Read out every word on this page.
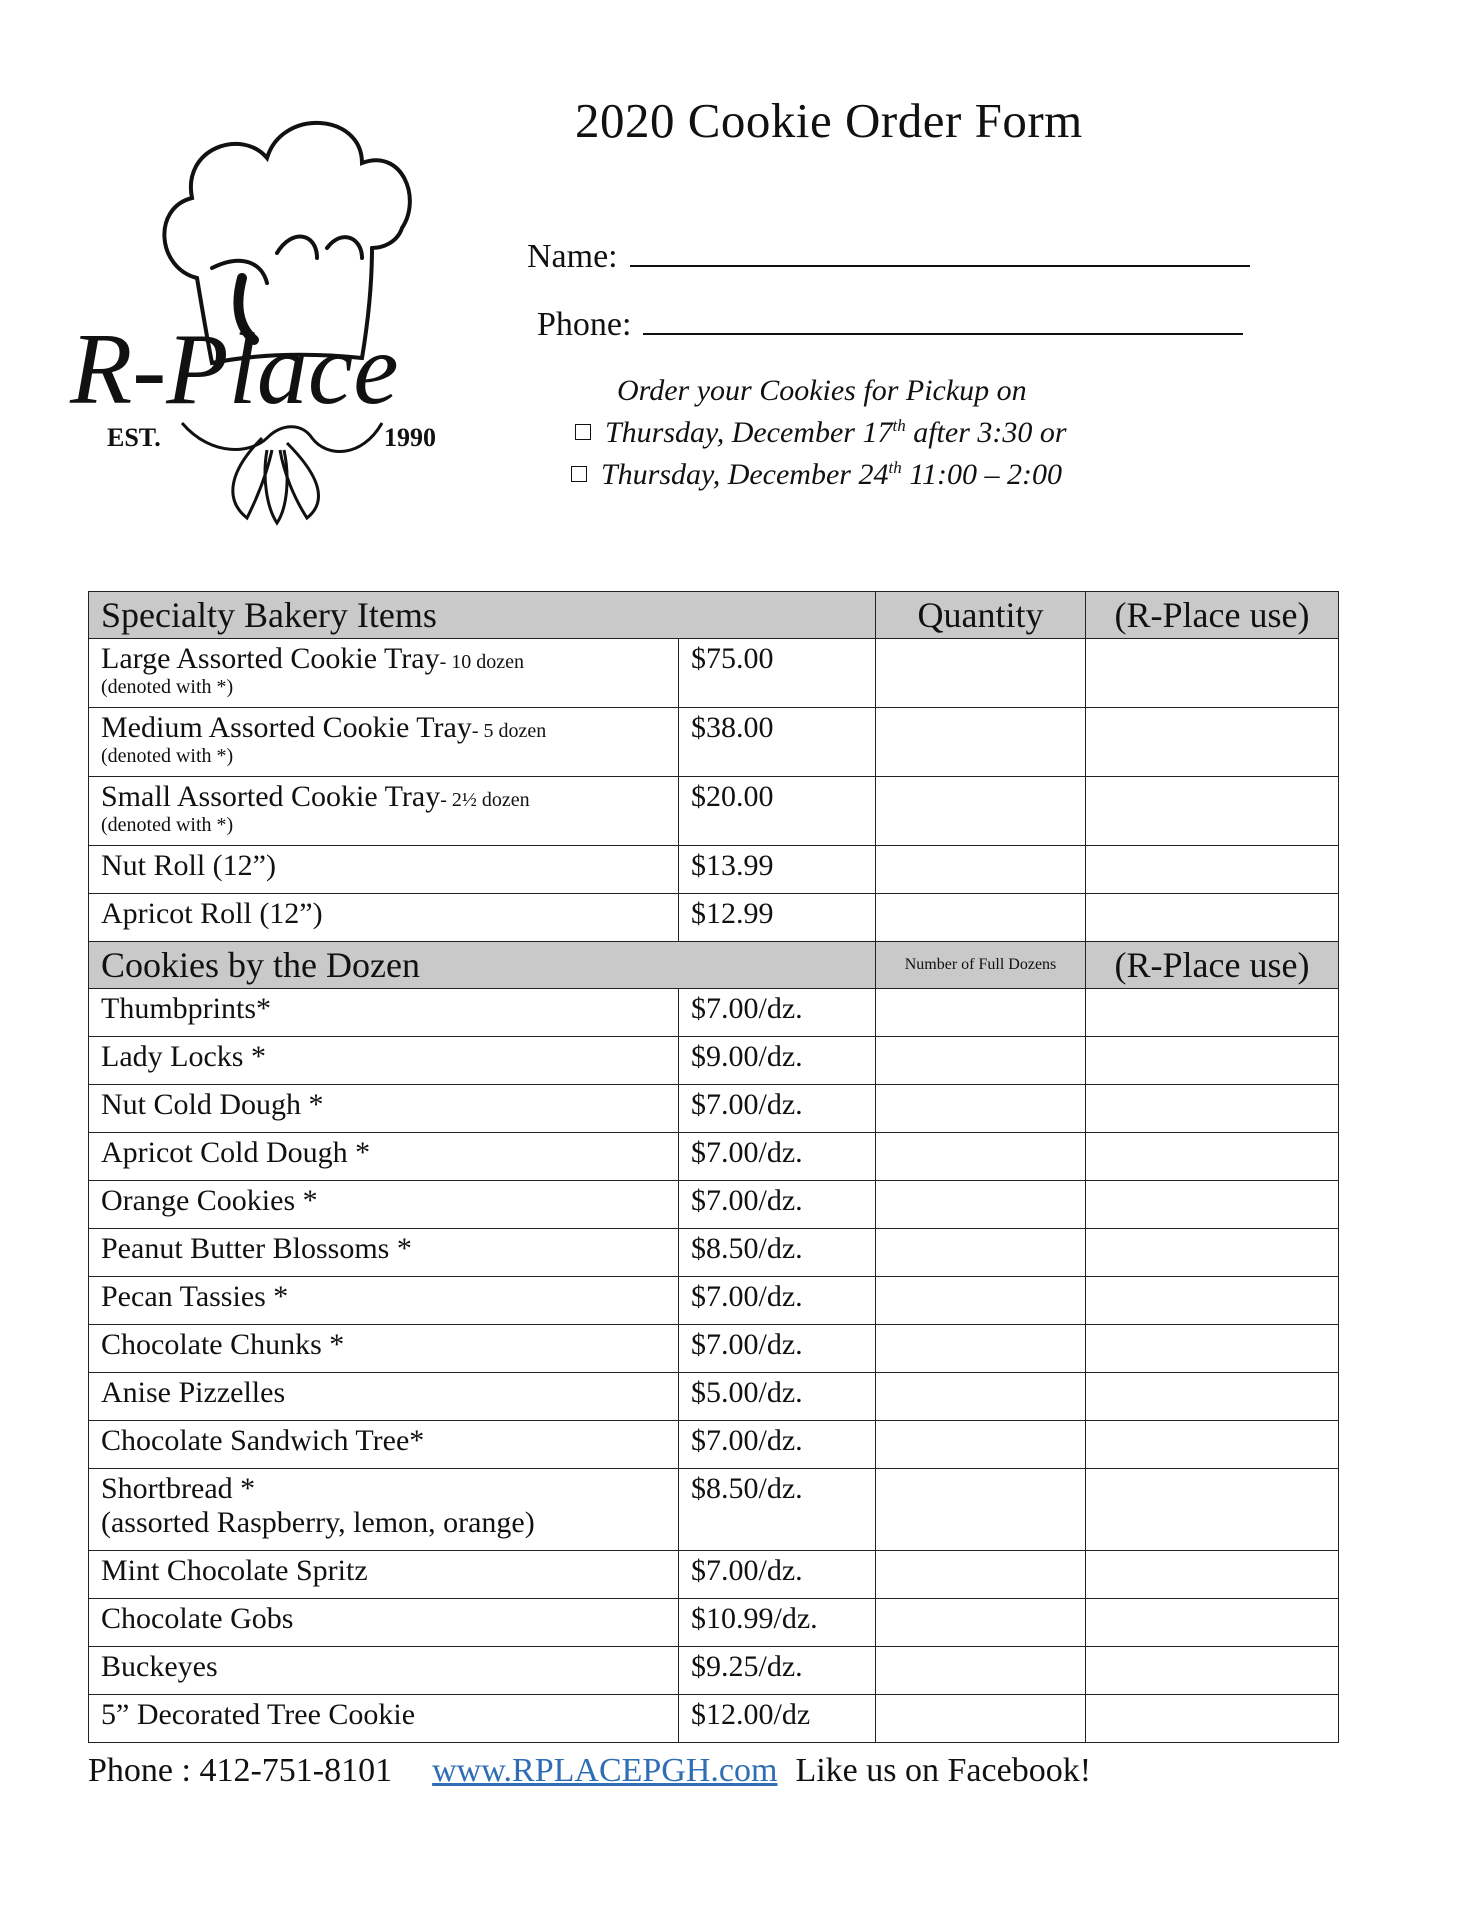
R-Place
EST.	1990
2020 Cookie Order Form
Name:
Phone:
Order your Cookies for Pickup on
Thursday, December 17th after 3:30 or
Thursday, December 24th 11:00 – 2:00
Specialty Bakery Items		Quantity	(R-Place use)
Large Assorted Cookie Tray- 10 dozen
(denoted with *)	$75.00		
Medium Assorted Cookie Tray- 5 dozen
(denoted with *)	$38.00		
Small Assorted Cookie Tray- 2½ dozen
(denoted with *)	$20.00		
Nut Roll (12”)	$13.99		
Apricot Roll (12”)	$12.99		
Cookies by the Dozen		Number of Full Dozens	(R-Place use)
Thumbprints*	$7.00/dz.		
Lady Locks *	$9.00/dz.		
Nut Cold Dough *	$7.00/dz.		
Apricot Cold Dough *	$7.00/dz.		
Orange Cookies *	$7.00/dz.		
Peanut Butter Blossoms *	$8.50/dz.		
Pecan Tassies *	$7.00/dz.		
Chocolate Chunks *	$7.00/dz.		
Anise Pizzelles	$5.00/dz.		
Chocolate Sandwich Tree*	$7.00/dz.		
Shortbread *
(assorted Raspberry, lemon, orange)	$8.50/dz.		
Mint Chocolate Spritz	$7.00/dz.		
Chocolate Gobs	$10.99/dz.		
Buckeyes	$9.25/dz.		
5” Decorated Tree Cookie	$12.00/dz		
Phone : 412-751-8101 www.RPLACEPGH.com Like us on Facebook!
